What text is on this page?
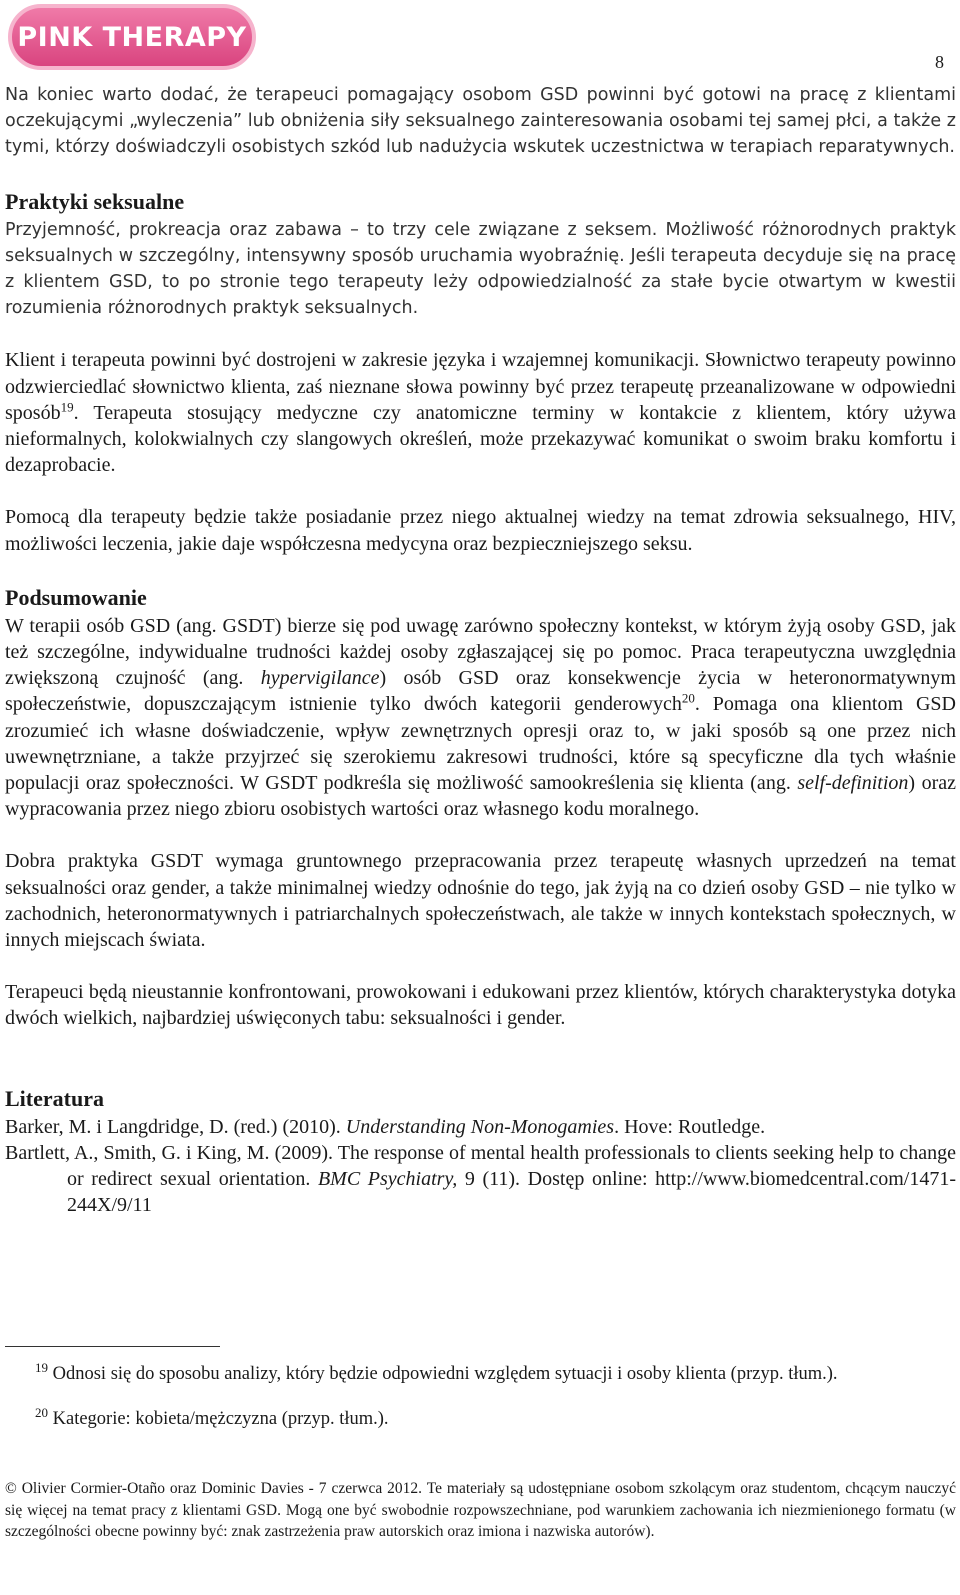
PINK THERAPY
8

Na koniec warto dodać, że terapeuci pomagający osobom GSD powinni być gotowi na pracę z klientami oczekującymi „wyleczenia” lub obniżenia siły seksualnego zainteresowania osobami tej samej płci, a także z tymi, którzy doświadczyli osobistych szkód lub nadużycia wskutek uczestnictwa w terapiach reparatywnych.

Praktyki seksualne

Przyjemność, prokreacja oraz zabawa – to trzy cele związane z seksem. Możliwość różnorodnych praktyk seksualnych w szczególny, intensywny sposób uruchamia wyobraźnię. Jeśli terapeuta decyduje się na pracę z klientem GSD, to po stronie tego terapeuty leży odpowiedzialność za stałe bycie otwartym w kwestii rozumienia różnorodnych praktyk seksualnych.

Klient i terapeuta powinni być dostrojeni w zakresie języka i wzajemnej komunikacji. Słownictwo terapeuty powinno odzwierciedlać słownictwo klienta, zaś nieznane słowa powinny być przez terapeutę przeanalizowane w odpowiedni sposób$^{19}$. Terapeuta stosujący medyczne czy anatomiczne terminy w kontakcie z klientem, który używa nieformalnych, kolokwialnych czy slangowych określeń, może przekazywać komunikat o swoim braku komfortu i dezaprobacie.

Pomocą dla terapeuty będzie także posiadanie przez niego aktualnej wiedzy na temat zdrowia seksualnego, HIV, możliwości leczenia, jakie daje współczesna medycyna oraz bezpieczniejszego seksu.

Podsumowanie

W terapii osób GSD (ang. GSDT) bierze się pod uwagę zarówno społeczny kontekst, w którym żyją osoby GSD, jak też szczególne, indywidualne trudności każdej osoby zgłaszającej się po pomoc. Praca terapeutyczna uwzględnia zwiększoną czujność (ang. hypervigilance) osób GSD oraz konsekwencje życia w heteronormatywnym społeczeństwie, dopuszczającym istnienie tylko dwóch kategorii genderowych$^{20}$. Pomaga ona klientom GSD zrozumieć ich własne doświadczenie, wpływ zewnętrznych opresji oraz to, w jaki sposób są one przez nich uwewnętrzniane, a także przyjrzeć się szerokiemu zakresowi trudności, które są specyficzne dla tych właśnie populacji oraz społeczności. W GSDT podkreśla się możliwość samookreślenia się klienta (ang. self-definition) oraz wypracowania przez niego zbioru osobistych wartości oraz własnego kodu moralnego.

Dobra praktyka GSDT wymaga gruntownego przepracowania przez terapeutę własnych uprzedzeń na temat seksualności oraz gender, a także minimalnej wiedzy odnośnie do tego, jak żyją na co dzień osoby GSD – nie tylko w zachodnich, heteronormatywnych i patriarchalnych społeczeństwach, ale także w innych kontekstach społecznych, w innych miejscach świata.

Terapeuci będą nieustannie konfrontowani, prowokowani i edukowani przez klientów, których charakterystyka dotyka dwóch wielkich, najbardziej uświęconych tabu: seksualności i gender.

Literatura

Barker, M. i Langdridge, D. (red.) (2010). Understanding Non-Monogamies. Hove: Routledge.

Bartlett, A., Smith, G. i King, M. (2009). The response of mental health professionals to clients seeking help to change or redirect sexual orientation. BMC Psychiatry, 9 (11). Dostęp online: http://www.biomedcentral.com/1471-244X/9/11

$^{19}$ Odnosi się do sposobu analizy, który będzie odpowiedni względem sytuacji i osoby klienta (przyp. tłum.).

$^{20}$ Kategorie: kobieta/mężczyzna (przyp. tłum.).

© Olivier Cormier-Otaño oraz Dominic Davies - 7 czerwca 2012. Te materiały są udostępniane osobom szkolącym oraz studentom, chcącym nauczyć się więcej na temat pracy z klientami GSD. Mogą one być swobodnie rozpowszechniane, pod warunkiem zachowania ich niezmienionego formatu (w szczególności obecne powinny być: znak zastrzeżenia praw autorskich oraz imiona i nazwiska autorów).
